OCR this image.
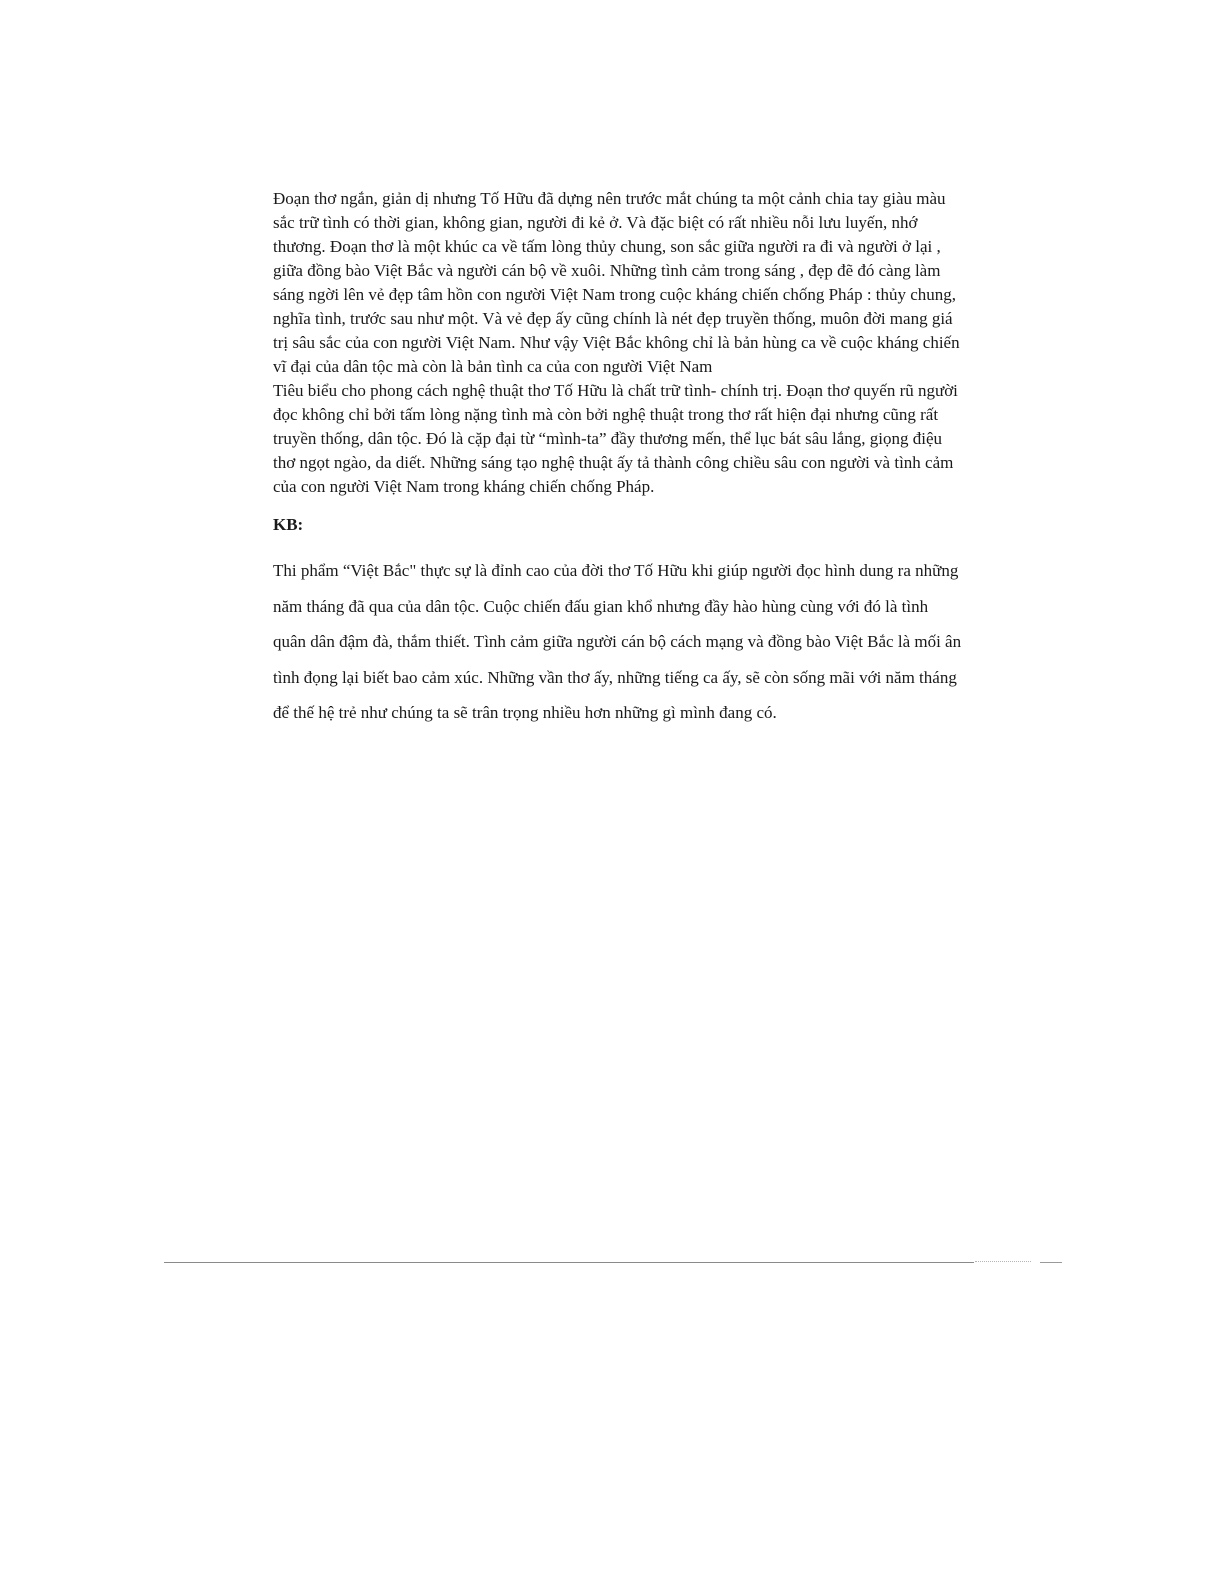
Đoạn thơ ngắn, giản dị nhưng Tố Hữu đã dựng nên trước mắt chúng ta một cảnh chia tay giàu màu sắc trữ tình có thời gian, không gian, người đi kẻ ở. Và đặc biệt có rất nhiều nỗi lưu luyến, nhớ thương. Đoạn thơ là một khúc ca về tấm lòng thủy chung, son sắc giữa người ra đi và người ở lại , giữa đồng bào Việt Bắc và người cán bộ về xuôi. Những tình cảm trong sáng , đẹp đẽ đó càng làm sáng ngời lên vẻ đẹp tâm hồn con người Việt Nam trong cuộc kháng chiến chống Pháp : thủy chung, nghĩa tình, trước sau như một. Và vẻ đẹp ấy cũng chính là nét đẹp truyền thống, muôn đời mang giá trị sâu sắc của con người Việt Nam. Như vậy Việt Bắc không chỉ là bản hùng ca về cuộc kháng chiến vĩ đại của dân tộc mà còn là bản tình ca của con người Việt Nam

Tiêu biểu cho phong cách nghệ thuật thơ Tố Hữu là chất trữ tình- chính trị. Đoạn thơ quyến rũ người đọc không chỉ bởi tấm lòng nặng tình mà còn bởi nghệ thuật trong thơ rất hiện đại nhưng cũng rất truyền thống, dân tộc. Đó là cặp đại từ “mình-ta” đầy thương mến, thể lục bát sâu lắng, giọng điệu thơ ngọt ngào, da diết. Những sáng tạo nghệ thuật ấy tả thành công chiều sâu con người và tình cảm của con người Việt Nam trong kháng chiến chống Pháp.

KB:

Thi phẩm “Việt Bắc" thực sự là đỉnh cao của đời thơ Tố Hữu khi giúp người đọc hình dung ra những năm tháng đã qua của dân tộc. Cuộc chiến đấu gian khổ nhưng đầy hào hùng cùng với đó là tình quân dân đậm đà, thắm thiết. Tình cảm giữa người cán bộ cách mạng và đồng bào Việt Bắc là mối ân tình đọng lại biết bao cảm xúc. Những vần thơ ấy, những tiếng ca ấy, sẽ còn sống mãi với năm tháng để thế hệ trẻ như chúng ta sẽ trân trọng nhiều hơn những gì mình đang có.
